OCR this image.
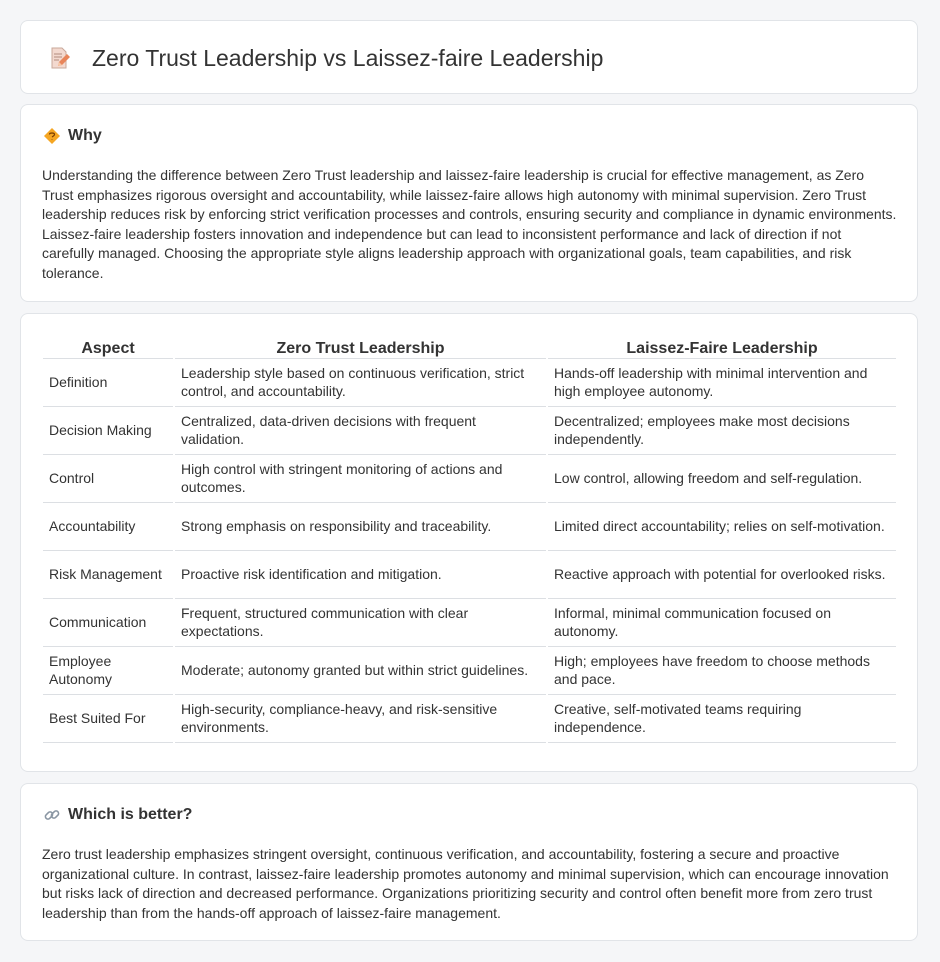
Zero Trust Leadership vs Laissez-faire Leadership
Why

Understanding the difference between Zero Trust leadership and laissez-faire leadership is crucial for effective management, as Zero Trust emphasizes rigorous oversight and accountability, while laissez-faire allows high autonomy with minimal supervision. Zero Trust leadership reduces risk by enforcing strict verification processes and controls, ensuring security and compliance in dynamic environments. Laissez-faire leadership fosters innovation and independence but can lead to inconsistent performance and lack of direction if not carefully managed. Choosing the appropriate style aligns leadership approach with organizational goals, team capabilities, and risk tolerance.

Aspect	Zero Trust Leadership	Laissez-Faire Leadership
Definition	Leadership style based on continuous verification, strict control, and accountability.	Hands-off leadership with minimal intervention and high employee autonomy.
Decision Making	Centralized, data-driven decisions with frequent validation.	Decentralized; employees make most decisions independently.
Control	High control with stringent monitoring of actions and outcomes.	Low control, allowing freedom and self-regulation.
Accountability	Strong emphasis on responsibility and traceability.	Limited direct accountability; relies on self-motivation.
Risk Management	Proactive risk identification and mitigation.	Reactive approach with potential for overlooked risks.
Communication	Frequent, structured communication with clear expectations.	Informal, minimal communication focused on autonomy.
Employee Autonomy	Moderate; autonomy granted but within strict guidelines.	High; employees have freedom to choose methods and pace.
Best Suited For	High-security, compliance-heavy, and risk-sensitive environments.	Creative, self-motivated teams requiring independence.
Which is better?

Zero trust leadership emphasizes stringent oversight, continuous verification, and accountability, fostering a secure and proactive organizational culture. In contrast, laissez-faire leadership promotes autonomy and minimal supervision, which can encourage innovation but risks lack of direction and decreased performance. Organizations prioritizing security and control often benefit more from zero trust leadership than from the hands-off approach of laissez-faire management.
